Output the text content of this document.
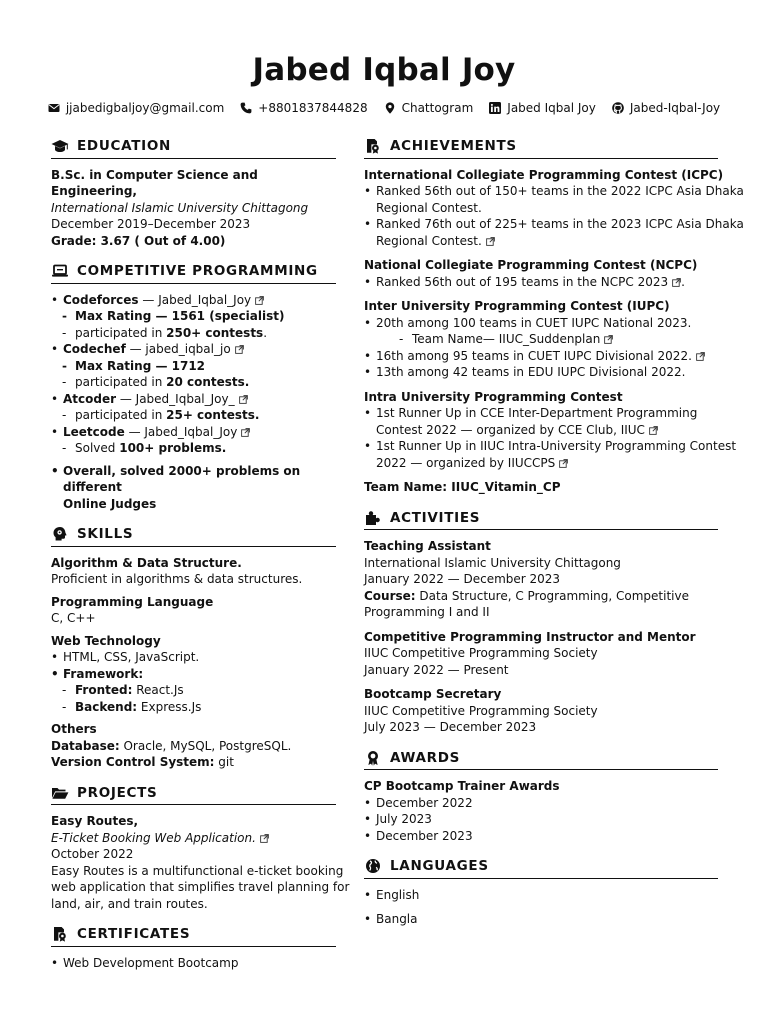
Jabed Iqbal Joy
jjabedigbaljoy@gmail.com	+8801837844828	Chattogram	Jabed Iqbal Joy	Jabed-Iqbal-Joy
EDUCATION
B.Sc. in Computer Science and Engineering,
International Islamic University Chittagong
December 2019–December 2023
Grade: 3.67 ( Out of 4.00)
COMPETITIVE PROGRAMMING
• Codeforces — Jabed_Iqbal_Joy
- Max Rating — 1561 (specialist)
- participated in 250+ contests.
• Codechef — jabed_iqbal_jo
- Max Rating — 1712
- participated in 20 contests.
• Atcoder — Jabed_Iqbal_Joy_
- participated in 25+ contests.
• Leetcode — Jabed_Iqbal_Joy
- Solved 100+ problems.
• Overall, solved 2000+ problems on different
Online Judges
SKILLS
Algorithm & Data Structure.
Proficient in algorithms & data structures.
Programming Language
C, C++
Web Technology
• HTML, CSS, JavaScript.
• Framework:
- Fronted: React.Js
- Backend: Express.Js
Others
Database: Oracle, MySQL, PostgreSQL.
Version Control System: git
PROJECTS
Easy Routes,
E-Ticket Booking Web Application.
October 2022
Easy Routes is a multifunctional e-ticket booking
web application that simplifies travel planning for
land, air, and train routes.
CERTIFICATES
• Web Development Bootcamp
ACHIEVEMENTS
International Collegiate Programming Contest (ICPC)
• Ranked 56th out of 150+ teams in the 2022 ICPC Asia Dhaka
Regional Contest.
• Ranked 76th out of 225+ teams in the 2023 ICPC Asia Dhaka
Regional Contest.
National Collegiate Programming Contest (NCPC)
• Ranked 56th out of 195 teams in the NCPC 2023 .
Inter University Programming Contest (IUPC)
• 20th among 100 teams in CUET IUPC National 2023.
- Team Name— IIUC_Suddenplan
• 16th among 95 teams in CUET IUPC Divisional 2022.
• 13th among 42 teams in EDU IUPC Divisional 2022.
Intra University Programming Contest
• 1st Runner Up in CCE Inter-Department Programming
Contest 2022 — organized by CCE Club, IIUC
• 1st Runner Up in IIUC Intra-University Programming Contest
2022 — organized by IIUCCPS
Team Name: IIUC_Vitamin_CP
ACTIVITIES
Teaching Assistant
International Islamic University Chittagong
January 2022 — December 2023
Course: Data Structure, C Programming, Competitive
Programming I and II
Competitive Programming Instructor and Mentor
IIUC Competitive Programming Society
January 2022 — Present
Bootcamp Secretary
IIUC Competitive Programming Society
July 2023 — December 2023
AWARDS
CP Bootcamp Trainer Awards
• December 2022
• July 2023
• December 2023
LANGUAGES
• English
• Bangla
